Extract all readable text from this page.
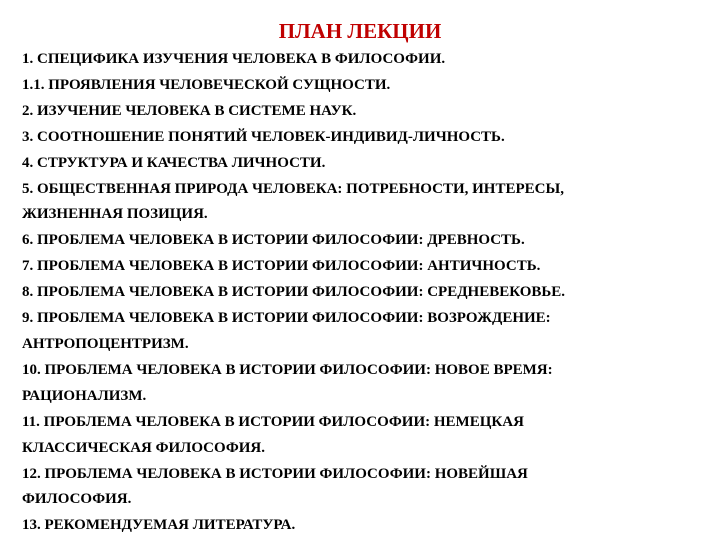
ПЛАН ЛЕКЦИИ
1. СПЕЦИФИКА ИЗУЧЕНИЯ ЧЕЛОВЕКА В ФИЛОСОФИИ.
1.1. ПРОЯВЛЕНИЯ ЧЕЛОВЕЧЕСКОЙ СУЩНОСТИ.
2. ИЗУЧЕНИЕ ЧЕЛОВЕКА В СИСТЕМЕ НАУК.
3. СООТНОШЕНИЕ ПОНЯТИЙ ЧЕЛОВЕК-ИНДИВИД-ЛИЧНОСТЬ.
4. СТРУКТУРА И КАЧЕСТВА ЛИЧНОСТИ.
5. ОБЩЕСТВЕННАЯ ПРИРОДА ЧЕЛОВЕКА: ПОТРЕБНОСТИ, ИНТЕРЕСЫ,
ЖИЗНЕННАЯ ПОЗИЦИЯ.
6. ПРОБЛЕМА ЧЕЛОВЕКА В ИСТОРИИ ФИЛОСОФИИ: ДРЕВНОСТЬ.
7. ПРОБЛЕМА ЧЕЛОВЕКА В ИСТОРИИ ФИЛОСОФИИ: АНТИЧНОСТЬ.
8. ПРОБЛЕМА ЧЕЛОВЕКА В ИСТОРИИ ФИЛОСОФИИ: СРЕДНЕВЕКОВЬЕ.
9. ПРОБЛЕМА ЧЕЛОВЕКА В ИСТОРИИ ФИЛОСОФИИ: ВОЗРОЖДЕНИЕ:
АНТРОПОЦЕНТРИЗМ.
10. ПРОБЛЕМА ЧЕЛОВЕКА В ИСТОРИИ ФИЛОСОФИИ: НОВОЕ ВРЕМЯ:
РАЦИОНАЛИЗМ.
11. ПРОБЛЕМА ЧЕЛОВЕКА В ИСТОРИИ ФИЛОСОФИИ: НЕМЕЦКАЯ
КЛАССИЧЕСКАЯ ФИЛОСОФИЯ.
12. ПРОБЛЕМА ЧЕЛОВЕКА В ИСТОРИИ ФИЛОСОФИИ: НОВЕЙШАЯ
ФИЛОСОФИЯ.
13. РЕКОМЕНДУЕМАЯ ЛИТЕРАТУРА.
